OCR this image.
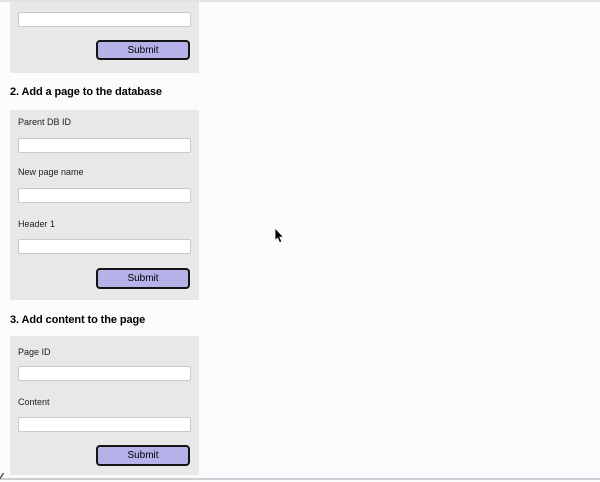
Submit
2. Add a page to the database
Parent DB ID
New page name
Header 1
Submit
3. Add content to the page
Page ID
Content
Submit
